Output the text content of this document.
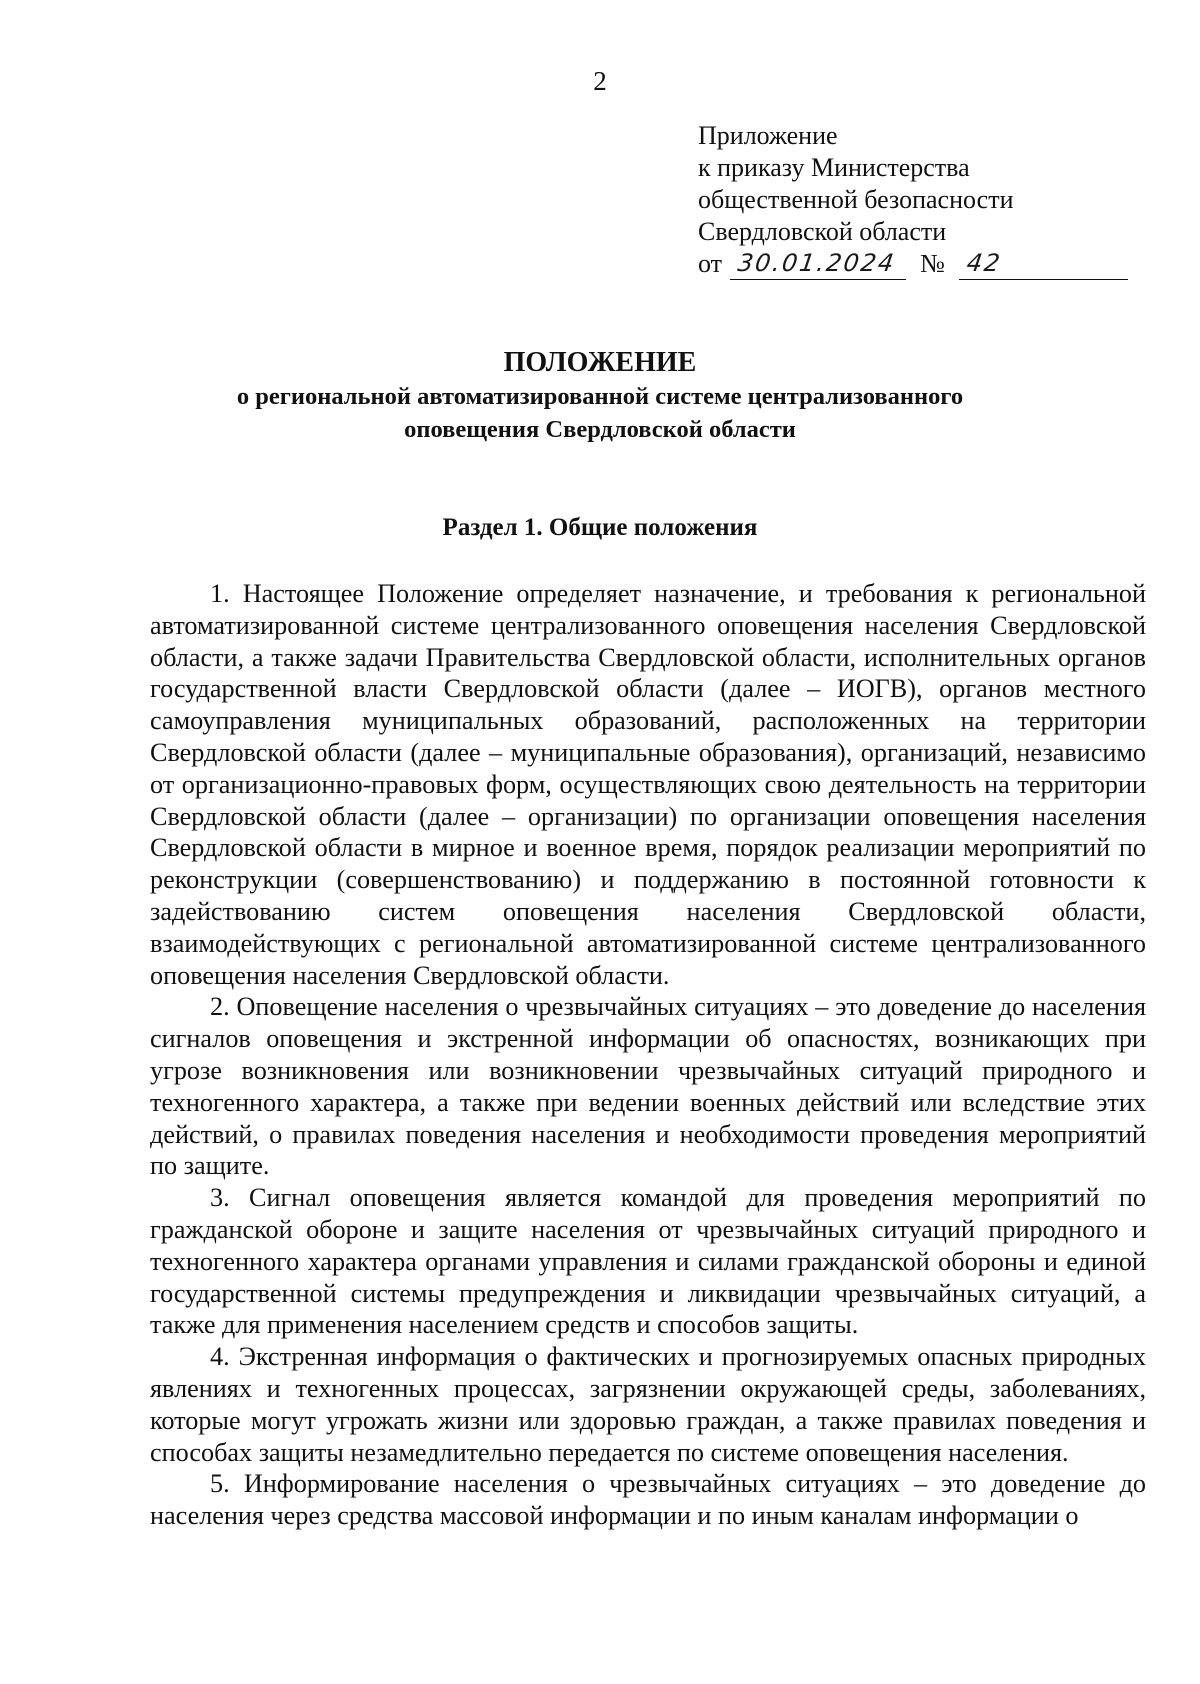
2
Приложение
к приказу Министерства
общественной безопасности
Свердловской области
от 30.01.2024 № 42
ПОЛОЖЕНИЕ
о региональной автоматизированной системе централизованного
оповещения Свердловской области
Раздел 1. Общие положения

1. Настоящее Положение определяет назначение, и требования к региональной автоматизированной системе централизованного оповещения населения Свердловской области, а также задачи Правительства Свердловской области, исполнительных органов государственной власти Свердловской области (далее – ИОГВ), органов местного самоуправления муниципальных образований, расположенных на территории Свердловской области (далее – муниципальные образования), организаций, независимо от организационно-правовых форм, осуществляющих свою деятельность на территории Свердловской области (далее – организации) по организации оповещения населения Свердловской области в мирное и военное время, порядок реализации мероприятий по реконструкции (совершенствованию) и поддержанию в постоянной готовности к задействованию систем оповещения населения Свердловской области, взаимодействующих с региональной автоматизированной системе централизованного оповещения населения Свердловской области.

2. Оповещение населения о чрезвычайных ситуациях – это доведение до населения сигналов оповещения и экстренной информации об опасностях, возникающих при угрозе возникновения или возникновении чрезвычайных ситуаций природного и техногенного характера, а также при ведении военных действий или вследствие этих действий, о правилах поведения населения и необходимости проведения мероприятий по защите.

3. Сигнал оповещения является командой для проведения мероприятий по гражданской обороне и защите населения от чрезвычайных ситуаций природного и техногенного характера органами управления и силами гражданской обороны и единой государственной системы предупреждения и ликвидации чрезвычайных ситуаций, а также для применения населением средств и способов защиты.

4. Экстренная информация о фактических и прогнозируемых опасных природных явлениях и техногенных процессах, загрязнении окружающей среды, заболеваниях, которые могут угрожать жизни или здоровью граждан, а также правилах поведения и способах защиты незамедлительно передается по системе оповещения населения.

5. Информирование населения о чрезвычайных ситуациях – это доведение до населения через средства массовой информации и по иным каналам информации о
